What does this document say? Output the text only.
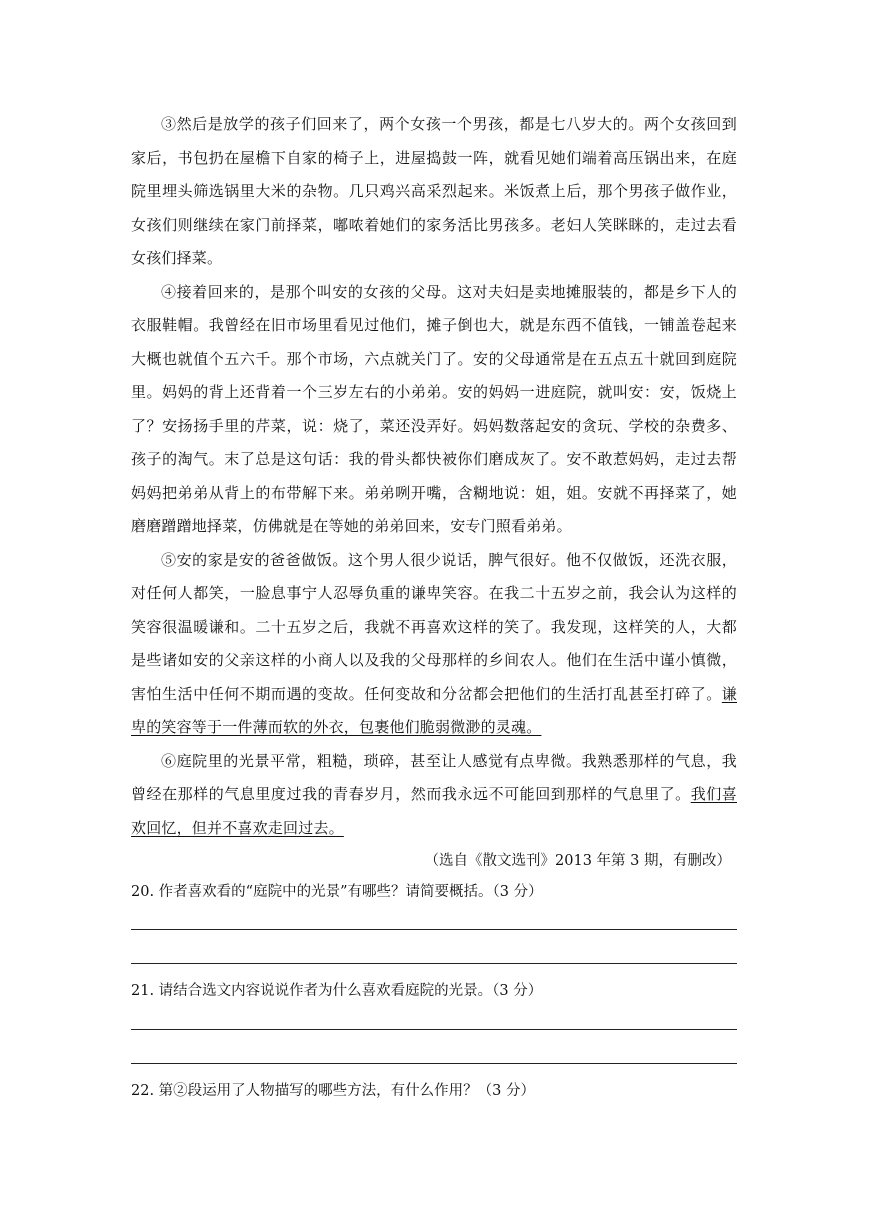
③然后是放学的孩子们回来了，两个女孩一个男孩，都是七八岁大的。两个女孩回到家后，书包扔在屋檐下自家的椅子上，进屋捣鼓一阵，就看见她们端着高压锅出来，在庭院里埋头筛选锅里大米的杂物。几只鸡兴高采烈起来。米饭煮上后，那个男孩子做作业，女孩们则继续在家门前择菜，嘟哝着她们的家务活比男孩多。老妇人笑眯眯的，走过去看女孩们择菜。

④接着回来的，是那个叫安的女孩的父母。这对夫妇是卖地摊服装的，都是乡下人的衣服鞋帽。我曾经在旧市场里看见过他们，摊子倒也大，就是东西不值钱，一铺盖卷起来大概也就值个五六千。那个市场，六点就关门了。安的父母通常是在五点五十就回到庭院里。妈妈的背上还背着一个三岁左右的小弟弟。安的妈妈一进庭院，就叫安：安，饭烧上了？安扬扬手里的芹菜，说：烧了，菜还没弄好。妈妈数落起安的贪玩、学校的杂费多、孩子的淘气。末了总是这句话：我的骨头都快被你们磨成灰了。安不敢惹妈妈，走过去帮妈妈把弟弟从背上的布带解下来。弟弟咧开嘴，含糊地说：姐，姐。安就不再择菜了，她磨磨蹭蹭地择菜，仿佛就是在等她的弟弟回来，安专门照看弟弟。

⑤安的家是安的爸爸做饭。这个男人很少说话，脾气很好。他不仅做饭，还洗衣服，对任何人都笑，一脸息事宁人忍辱负重的谦卑笑容。在我二十五岁之前，我会认为这样的笑容很温暖谦和。二十五岁之后，我就不再喜欢这样的笑了。我发现，这样笑的人，大都是些诸如安的父亲这样的小商人以及我的父母那样的乡间农人。他们在生活中谨小慎微，害怕生活中任何不期而遇的变故。任何变故和分岔都会把他们的生活打乱甚至打碎了。谦卑的笑容等于一件薄而软的外衣，包裹他们脆弱微渺的灵魂。

⑥庭院里的光景平常，粗糙，琐碎，甚至让人感觉有点卑微。我熟悉那样的气息，我曾经在那样的气息里度过我的青春岁月，然而我永远不可能回到那样的气息里了。我们喜欢回忆，但并不喜欢走回过去。

（选自《散文选刊》2013 年第 3 期，有删改）

20. 作者喜欢看的“庭院中的光景”有哪些？请简要概括。（3 分）

21. 请结合选文内容说说作者为什么喜欢看庭院的光景。（3 分）

22. 第②段运用了人物描写的哪些方法，有什么作用？（3 分）
